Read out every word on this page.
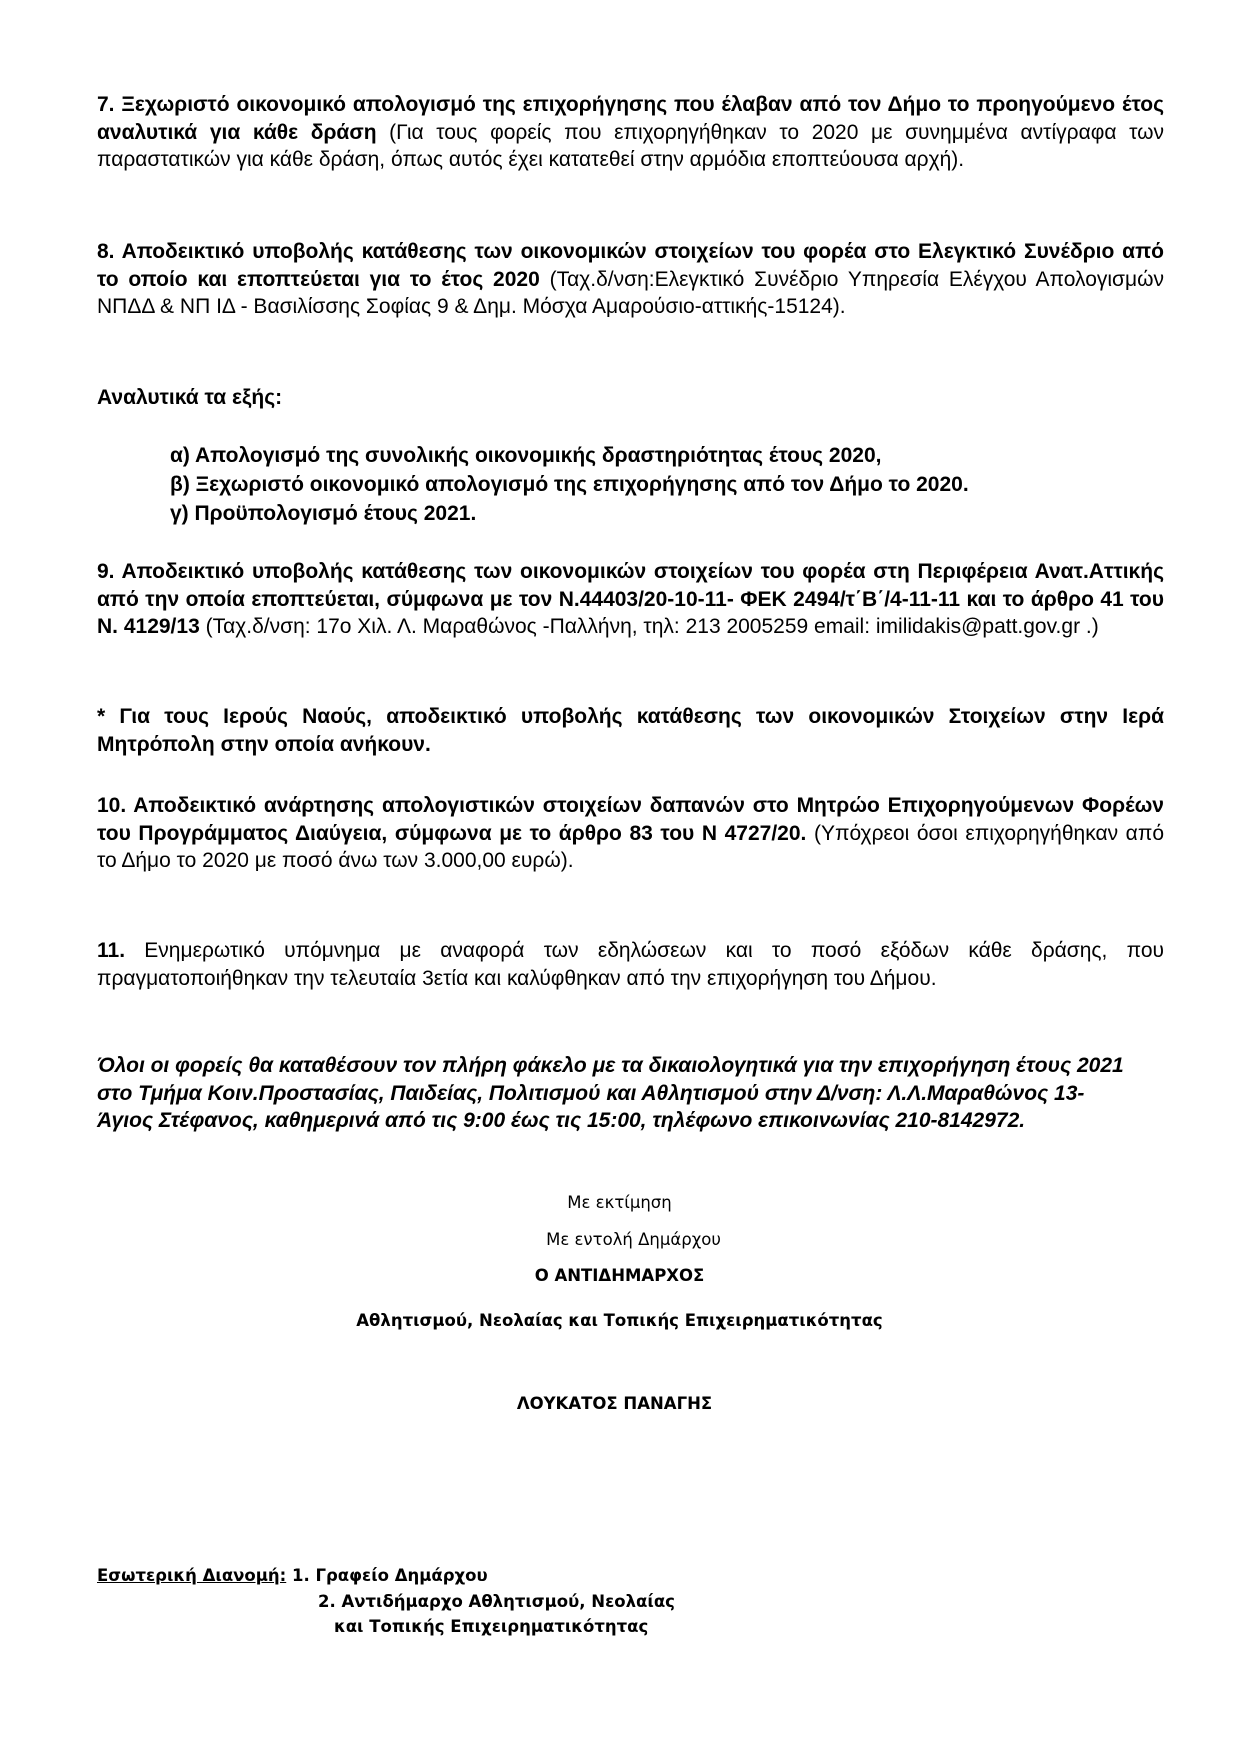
7. Ξεχωριστό οικονομικό απολογισμό της επιχορήγησης που έλαβαν από τον Δήμο το προηγούμενο έτος αναλυτικά για κάθε δράση (Για τους φορείς που επιχορηγήθηκαν το 2020 με συνημμένα αντίγραφα των παραστατικών για κάθε δράση, όπως αυτός έχει κατατεθεί στην αρμόδια εποπτεύουσα αρχή).
8. Αποδεικτικό υποβολής κατάθεσης των οικονομικών στοιχείων του φορέα στο Ελεγκτικό Συνέδριο από το οποίο και εποπτεύεται για το έτος 2020 (Ταχ.δ/νση:Ελεγκτικό Συνέδριο Υπηρεσία Ελέγχου Απολογισμών ΝΠΔΔ & ΝΠ ΙΔ - Βασιλίσσης Σοφίας 9 & Δημ. Μόσχα Αμαρούσιο-αττικής-15124).
Αναλυτικά τα εξής:
α) Απολογισμό της συνολικής οικονομικής δραστηριότητας έτους 2020,
β) Ξεχωριστό οικονομικό απολογισμό της επιχορήγησης από τον Δήμο το 2020.
γ) Προϋπολογισμό έτους 2021.
9. Αποδεικτικό υποβολής κατάθεσης των οικονομικών στοιχείων του φορέα στη Περιφέρεια Ανατ.Αττικής από την οποία εποπτεύεται, σύμφωνα με τον Ν.44403/20-10-11- ΦΕΚ 2494/τ΄Β΄/4-11-11 και το άρθρο 41 του Ν. 4129/13 (Ταχ.δ/νση: 17ο Χιλ. Λ. Μαραθώνος -Παλλήνη, τηλ: 213 2005259 email: imilidakis@patt.gov.gr .)
* Για τους Ιερούς Ναούς, αποδεικτικό υποβολής κατάθεσης των οικονομικών Στοιχείων στην Ιερά Μητρόπολη στην οποία ανήκουν.
10. Αποδεικτικό ανάρτησης απολογιστικών στοιχείων δαπανών στο Μητρώο Επιχορηγούμενων Φορέων του Προγράμματος Διαύγεια, σύμφωνα με το άρθρο 83 του Ν 4727/20. (Υπόχρεοι όσοι επιχορηγήθηκαν από το Δήμο το 2020 με ποσό άνω των 3.000,00 ευρώ).
11. Ενημερωτικό υπόμνημα με αναφορά των εδηλώσεων και το ποσό εξόδων κάθε δράσης, που πραγματοποιήθηκαν την τελευταία 3ετία και καλύφθηκαν από την επιχορήγηση του Δήμου.
Όλοι οι φορείς θα καταθέσουν τον πλήρη φάκελο με τα δικαιολογητικά για την επιχορήγηση έτους 2021 στο Τμήμα Κοιν.Προστασίας, Παιδείας, Πολιτισμού και Αθλητισμού στην Δ/νση: Λ.Λ.Μαραθώνος 13- Άγιος Στέφανος, καθημερινά από τις 9:00 έως τις 15:00, τηλέφωνο επικοινωνίας 210-8142972.
Με εκτίμηση
Με εντολή Δημάρχου
Ο ΑΝΤΙΔΗΜΑΡΧΟΣ
Αθλητισμού, Νεολαίας και Τοπικής Επιχειρηματικότητας
ΛΟΥΚΑΤΟΣ ΠΑΝΑΓΗΣ
Εσωτερική Διανομή: 1. Γραφείο Δημάρχου
2. Αντιδήμαρχο Αθλητισμού, Νεολαίας
και Τοπικής Επιχειρηματικότητας
